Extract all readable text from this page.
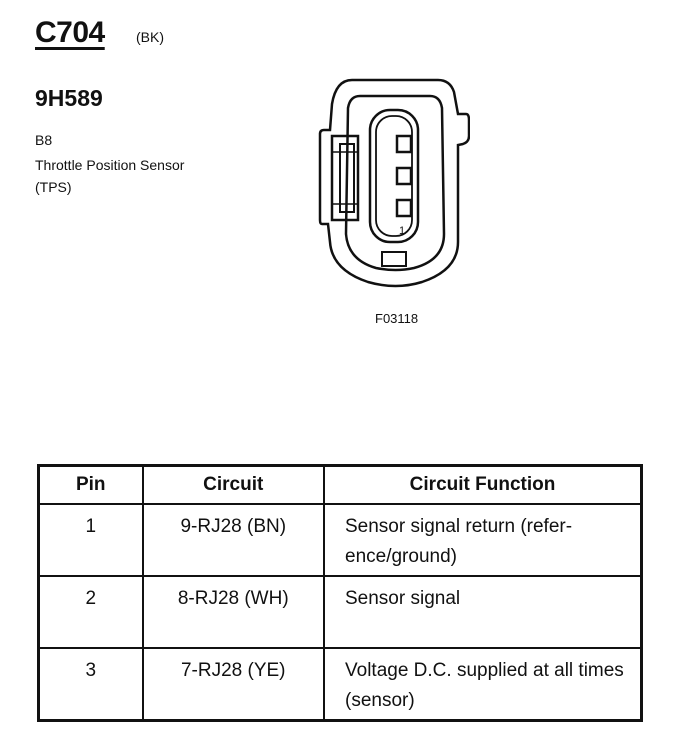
C704 (BK)
9H589
B8
Throttle Position Sensor (TPS)
1
F03118
Pin	Circuit	Circuit Function
1	9-RJ28 (BN)	Sensor signal return (refer-ence/ground)

2	8-RJ28 (WH)	Sensor signal

3	7-RJ28 (YE)	Voltage D.C. supplied at all times (sensor)
